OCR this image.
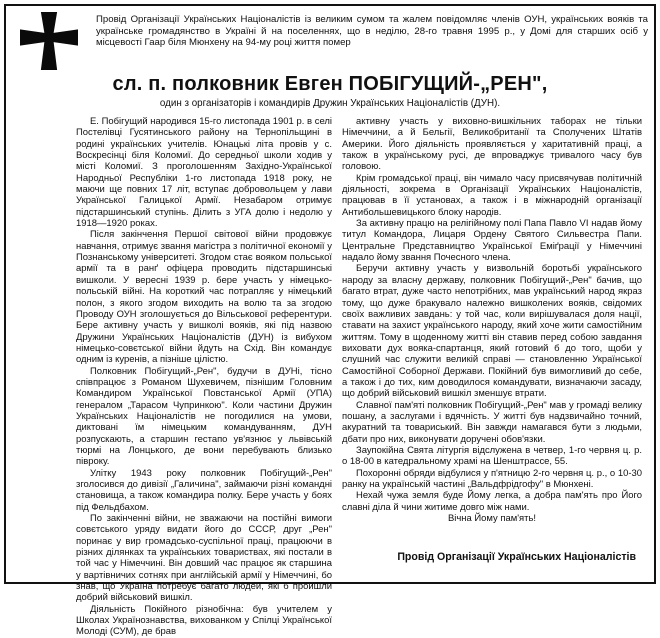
Провід Організації Українських Націоналістів із великим сумом та жалем повідомляє членів ОУН, українських вояків та українське громадянство в Україні й на поселеннях, що в неділю, 28-го травня 1995 р., у Домі для старших осіб у місцевості Гаар біля Мюнхену на 94-му році життя помер

сл. п. полковник Евген ПОБІГУЩИЙ-„РЕН",

один з організаторів і командирів Дружин Українських Націоналістів (ДУН).

Е. Побігущий народився 15-го листопада 1901 р. в селі Постелівці Гусятинського району на Тернопільщині в родині українських учителів. Юнацькі літа провів у с. Воскресінці біля Коломиї. До середньої школи ходив у місті Коломиї. З проголошенням Західно-Української Народньої Республіки 1-го листопада 1918 року, не маючи ще повних 17 літ, вступає добровольцем у лави Української Галицької Армії. Незабаром отримує підстаршинський ступінь. Ділить з УГА долю і недолю у 1918—1920 роках.

Після закінчення Першої світової війни продовжує навчання, отримує звання магістра з політичної економії у Познанському університеті. Згодом стає вояком польської армії та в ранґ офіцера проводить підстаршинські вишколи. У вересні 1939 р. бере участь у німецько-польській війні. На короткий час потрапляє у німецький полон, з якого згодом виходить на волю та за згодою Проводу ОУН зголошується до Вільськової референтури. Бере активну участь у вишколі вояків, які під назвою Дружини Українських Націоналістів (ДУН) із вибухом німецько-совєтської війни йдуть на Схід. Він командує одним із куренів, а пізніше цілістю.

Полковник Побігущий-„Рен", будучи в ДУНі, тісно співпрацює з Романом Шухевичем, пізнішим Головним Командиром Української Повстанської Армії (УПА) генералом „Тарасом Чупринкою". Коли частини Дружин Українських Націоналістів не погодилися на умови, диктовані їм німецьким командуванням, ДУН розпускають, а старшин гестапо ув'язнює у львівській тюрмі на Лонцького, де вони перебувають близько півроку.

Улітку 1943 року полковник Побігущий-„Рен" зголосився до дивізії „Галичина", займаючи різні командні становища, а також командира полку. Бере участь у боях під Фельдбахом.

По закінченні війни, не зважаючи на постійні вимоги совєтського уряду видати його до СССР, друг „Рен" поринає у вир громадсько-суспільної праці, працюючи в різних ділянках та українських товариствах, які постали в той час у Німеччині. Він довший час працює як старшина у вартівничих сотнях при англійській армії у Німеччині, бо знав, що Україна потребує багато людей, які б пройшли добрий військовий вишкіл.

Діяльність Покійного різнобічна: був учителем у Школах Українознавства, вихованком у Спілці Української Молоді (СУМ), де брав

активну участь у виховно-вишкільних таборах не тільки Німеччини, а й Бельгії, Великобританії та Сполучених Штатів Америки. Його діяльність проявляється у харитативній праці, а також в українському русі, де впроваджує тривалого часу був головою.

Крім громадської праці, він чимало часу присвячував політичній діяльності, зокрема в Організації Українських Націоналістів, працював в її установах, а також і в міжнародній організації Антибольшевицького блоку народів.

За активну працю на релігійному полі Папа Павло VI надав йому титул Командора, Лицаря Ордену Святого Сильвестра Папи. Центральне Представництво Української Еміґрації у Німеччині надало йому звання Почесного члена.

Беручи активну участь у визвольній боротьбі українського народу за власну державу, полковник Побігущий-„Рен" бачив, що багато втрат, дуже часто непотрібних, мав український народ якраз тому, що дуже бракувало належно вишколених вояків, свідомих своїх важливих завдань: у той час, коли вирішувалася доля нації, ставати на захист українського народу, який хоче жити самостійним життям. Тому в щоденному житті він ставив перед собою завдання виховати дух вояка-спартанця, який готовий б до того, щоби у слушний час служити великій справі — становленню Української Самостійної Соборної Держави. Покійний був вимогливий до себе, а також і до тих, ким доводилося командувати, визначаючи засаду, що добрий військовий вишкіл зменшує втрати.

Славної пам'яті полковник Побігущий-„Рен" мав у громаді велику пошану, а заслугами і вдячність. У житті був надзвичайно точний, акуратний та товариський. Він завжди намагався бути з людьми, дбати про них, виконувати доручені обов'язки.

Заупокійна Свята літургія відслужена в четвер, 1-го червня ц. р. о 18-00 в катедральному храмі на Шенштрассе, 55.

Похоронні обряди відбулися у п'ятницю 2-го червня ц. р., о 10-30 ранку на українській частині „Вальдфрідгофу" в Мюнхені.

Нехай чужа земля буде Йому легка, а добра пам'ять про Його славні діла й чини житиме довго між нами.

Вічна Йому пам'ять!

Провід Організації Українських Націоналістів
